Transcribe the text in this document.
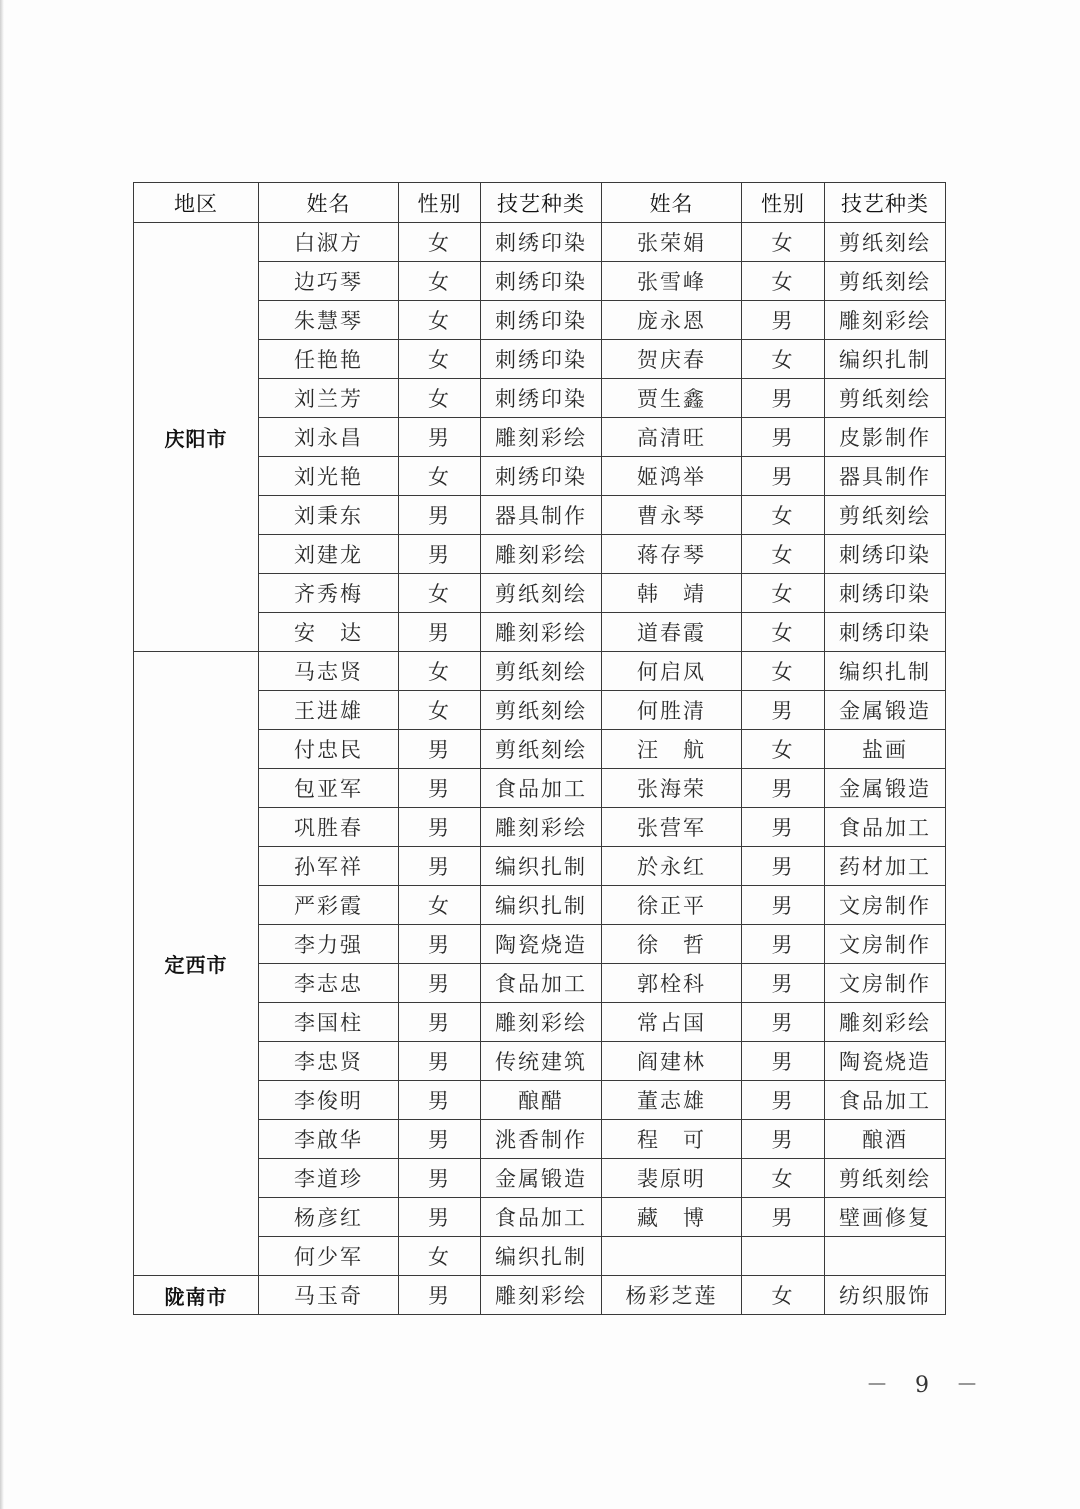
地区	姓名	性别	技艺种类	姓名	性别	技艺种类
庆阳市	白淑方	女	刺绣印染	张荣娟	女	剪纸刻绘
	边巧琴	女	刺绣印染	张雪峰	女	剪纸刻绘
	朱慧琴	女	刺绣印染	庞永恩	男	雕刻彩绘
	任艳艳	女	刺绣印染	贺庆春	女	编织扎制
	刘兰芳	女	刺绣印染	贾生鑫	男	剪纸刻绘
	刘永昌	男	雕刻彩绘	高清旺	男	皮影制作
	刘光艳	女	刺绣印染	姬鸿举	男	器具制作
	刘秉东	男	器具制作	曹永琴	女	剪纸刻绘
	刘建龙	男	雕刻彩绘	蒋存琴	女	刺绣印染
	齐秀梅	女	剪纸刻绘	韩　靖	女	刺绣印染
	安　达	男	雕刻彩绘	道春霞	女	刺绣印染
定西市	马志贤	女	剪纸刻绘	何启凤	女	编织扎制
	王进雄	女	剪纸刻绘	何胜清	男	金属锻造
	付忠民	男	剪纸刻绘	汪　航	女	盐画
	包亚军	男	食品加工	张海荣	男	金属锻造
	巩胜春	男	雕刻彩绘	张营军	男	食品加工
	孙军祥	男	编织扎制	於永红	男	药材加工
	严彩霞	女	编织扎制	徐正平	男	文房制作
	李力强	男	陶瓷烧造	徐　哲	男	文房制作
	李志忠	男	食品加工	郭栓科	男	文房制作
	李国柱	男	雕刻彩绘	常占国	男	雕刻彩绘
	李忠贤	男	传统建筑	阎建林	男	陶瓷烧造
	李俊明	男	酿醋	董志雄	男	食品加工
	李啟华	男	洮香制作	程　可	男	酿酒
	李道珍	男	金属锻造	裴原明	女	剪纸刻绘
	杨彦红	男	食品加工	藏　博	男	壁画修复
	何少军	女	编织扎制			
陇南市	马玉奇	男	雕刻彩绘	杨彩芝莲	女	纺织服饰
－ 9 －
